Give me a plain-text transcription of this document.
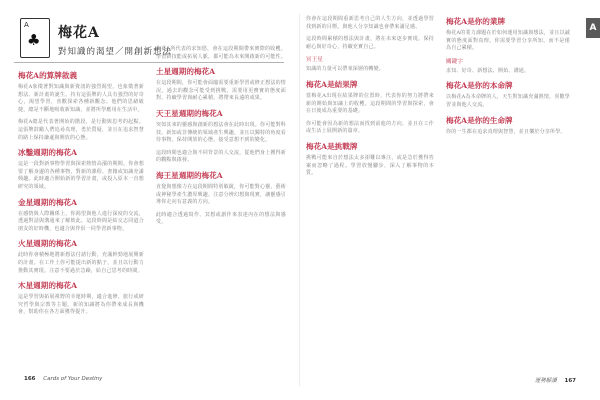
A
♣ 梅花A
對知識的渴望／開創新想法
梅花A的算牌敘義
梅花A象徵著對知識與新資訊的強烈渴望，也象徵著新想法、新計畫的誕生。持有這張牌的人具有強烈的好奇心，渴望學習，喜歡探索各種新觀念。他們的思緒敏捷，總是不斷地吸收新知識，並將所學應用在生活中。
梅花A總是代表著開始的階段，是行動與思考的起點。這張牌鼓勵人們追尋真理，勇於質疑，並且在追求智慧的路上保持謙遜與開放的心態。
冰鑿週期的梅花A
這是一段對新事物學習與探索熱情高漲的期間。你會想要了解身邊的各種事物，對新的課程、書籍或知識充滿興趣。此時適合開始新的學習計畫，或投入原本一直想研究的領域。
金星週期的梅花A
在感情與人際關係上，你渴望與他人進行深度的交流，透過對話與溝通來了解彼此。這段時間是結交志同道合朋友的好時機，也適合與伴侶一同學習新事物。
火星週期的梅花A
此時你會積極地將新想法付諸行動，充滿幹勁地展開新的計畫。在工作上你可能提出新的點子，並且以行動力推動其實現。注意不要過於急躁，給自己思考的時間。
木星週期的梅花A
這是學習與拓展視野的幸運時期，適合進修、旅行或研究哲學與宗教等主題。新的知識將為你帶來成長與機會，幫助你在各方面獲得提升。
梅花A所代表的求知慾，會在這段期間帶來實際的收穫。學習新技能或拓展人脈，都可能為未來開啟新的可能性。
土星週期的梅花A
在這段期間，你可能會面臨需要重新學習或修正想法的情況。過去的觀念可能受到挑戰，需要用更務實的態度面對。持續學習與耐心累積，將帶來長遠的成果。
天王星週期的梅花A
突如其來的靈感與創新的想法會在此時出現。你可能對科技、新知或非傳統的領域產生興趣，並且以獨特的角度看待事物。保持開放的心態，接受意想不到的變化。
這段時間也適合與不同背景的人交流，從他們身上獲得新的觀點與啟發。
海王星週期的梅花A
直覺與想像力在這段期間特別敏銳，你可能對心靈、藝術或神秘學產生濃厚興趣。注意分辨幻想與現實，讓靈感引導你走向有意義的方向。
此時適合透過寫作、冥想或創作來表達內在的想法與感受。
166 Cards of Your Destiny
你會在這段期間重新思考自己的人生方向，並透過學習找到新的目標。與他人分享知識也會帶來滿足感。
這段時間累積的想法與計畫，將在未來逐步實現。保持耐心與好奇心，持續充實自己。
冥王星
知識的力量可以帶來深層的轉變。
梅花A是結果牌
當梅花A出現在結果牌的位置時，代表你的努力將帶來新的開始與知識上的收穫。這段期間的學習與探索，會在日後成為重要的基礎。
你可能會因為新的想法而找到前進的方向，並且在工作或生活上展開新的篇章。
梅花A是挑戰牌
挑戰可能來自於想法太多卻難以專注，或是急於獲得答案而忽略了過程。學習放慢腳步，深入了解事物的本質。
梅花A是你的業牌
梅花A的業力課題在於如何運用知識與想法，並且以誠實的態度面對真理。你需要學習分享所知，而不是僅為自己累積。
關鍵字
求知、好奇、新想法、開始、溝通。
梅花A是你的本命牌
以梅花A為本命牌的人，天生對知識充滿熱情，喜歡學習並與他人交流。
梅花A是你的生命牌
你的一生都在追求真理與智慧，並且樂於分享所學。
運勢解讀 167
A
